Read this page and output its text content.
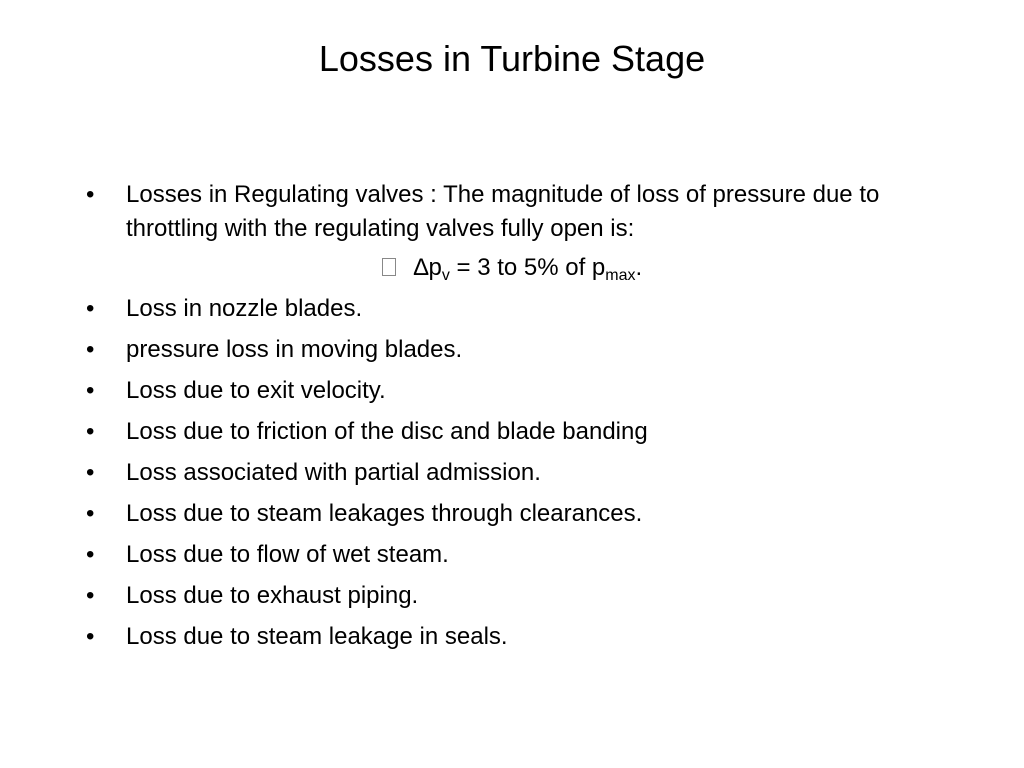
Losses in Turbine Stage
•	Losses in Regulating valves : The magnitude of loss of pressure due to throttling with the regulating valves fully open is:
$\Delta p_v = 3$ to 5% of $p_{max}$.
•	Loss in nozzle blades.
•	pressure loss in moving blades.
•	Loss due to exit velocity.
•	Loss due to friction of the disc and blade banding
•	Loss associated with partial admission.
•	Loss due to steam leakages through clearances.
•	Loss due to flow of wet steam.
•	Loss due to exhaust piping.
•	Loss due to steam leakage in seals.
